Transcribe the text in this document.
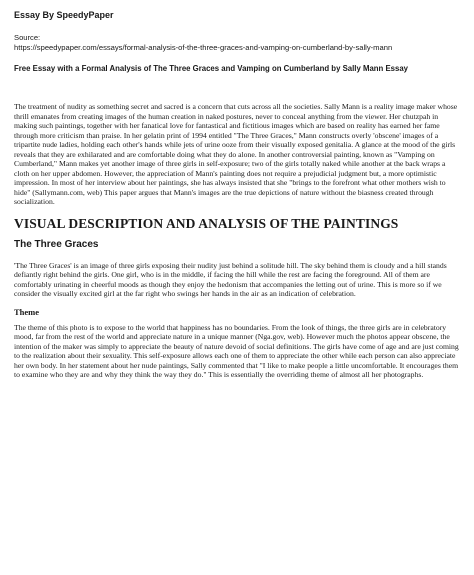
Essay By SpeedyPaper
Source:
https://speedypaper.com/essays/formal-analysis-of-the-three-graces-and-vamping-on-cumberland-by-sally-mann
Free Essay with a Formal Analysis of The Three Graces and Vamping on Cumberland by Sally Mann Essay

The treatment of nudity as something secret and sacred is a concern that cuts across all the societies. Sally Mann is a reality image maker whose thrill emanates from creating images of the human creation in naked postures, never to conceal anything from the viewer. Her chutzpah in making such paintings, together with her fanatical love for fantastical and fictitious images which are based on reality has earned her fame through more criticism than praise. In her gelatin print of 1994 entitled "The Three Graces," Mann constructs overly 'obscene' images of a tripartite nude ladies, holding each other's hands while jets of urine ooze from their visually exposed genitalia. A glance at the mood of the girls reveals that they are exhilarated and are comfortable doing what they do alone. In another controversial painting, known as "Vamping on Cumberland," Mann makes yet another image of three girls in self-exposure; two of the girls totally naked while another at the back wraps a cloth on her upper abdomen. However, the appreciation of Mann's painting does not require a prejudicial judgment but, a more optimistic impression. In most of her interview about her paintings, she has always insisted that she "brings to the forefront what other mothers wish to hide" (Sallymann.com, web) This paper argues that Mann's images are the true depictions of nature without the biasness created through socialization.

VISUAL DESCRIPTION AND ANALYSIS OF THE PAINTINGS
The Three Graces

'The Three Graces' is an image of three girls exposing their nudity just behind a solitude hill. The sky behind them is cloudy and a hill stands defiantly right behind the girls. One girl, who is in the middle, if facing the hill while the rest are facing the foreground. All of them are comfortably urinating in cheerful moods as though they enjoy the hedonism that accompanies the letting out of urine. This is more so if we consider the visually excited girl at the far right who swings her hands in the air as an indication of celebration.

Theme

The theme of this photo is to expose to the world that happiness has no boundaries. From the look of things, the three girls are in celebratory mood, far from the rest of the world and appreciate nature in a unique manner (Nga.gov, web). However much the photos appear obscene, the intention of the maker was simply to appreciate the beauty of nature devoid of social definitions. The girls have come of age and are just coming to the realization about their sexuality. This self-exposure allows each one of them to appreciate the other while each person can also appreciate her own body. In her statement about her nude paintings, Sally commented that "I like to make people a little uncomfortable. It encourages them to examine who they are and why they think the way they do." This is essentially the overriding theme of almost all her photographs.
